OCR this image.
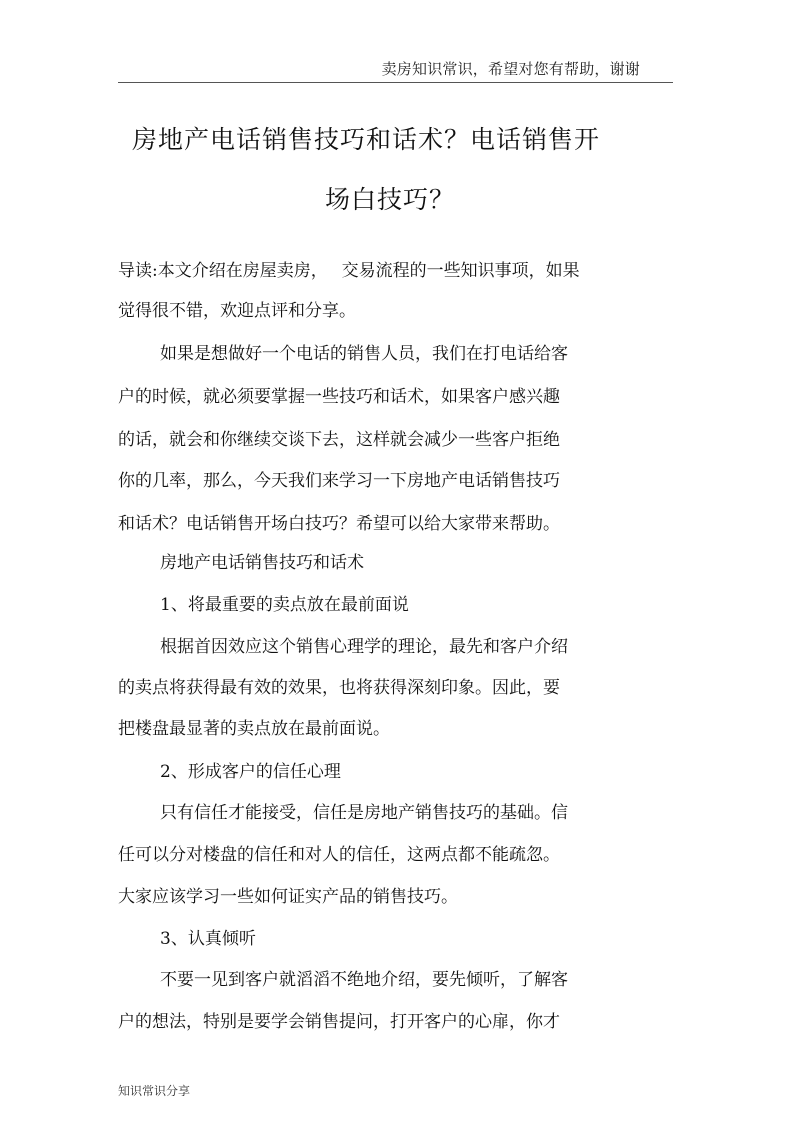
卖房知识常识，希望对您有帮助，谢谢
房地产电话销售技巧和话术？电话销售开
场白技巧？
导读:本文介绍在房屋卖房，　 交易流程的一些知识事项，如果
觉得很不错，欢迎点评和分享。
如果是想做好一个电话的销售人员，我们在打电话给客
户的时候，就必须要掌握一些技巧和话术，如果客户感兴趣
的话，就会和你继续交谈下去，这样就会减少一些客户拒绝
你的几率，那么，今天我们来学习一下房地产电话销售技巧
和话术？电话销售开场白技巧？希望可以给大家带来帮助。
房地产电话销售技巧和话术
1、将最重要的卖点放在最前面说
根据首因效应这个销售心理学的理论，最先和客户介绍
的卖点将获得最有效的效果，也将获得深刻印象。因此，要
把楼盘最显著的卖点放在最前面说。
2、形成客户的信任心理
只有信任才能接受，信任是房地产销售技巧的基础。信
任可以分对楼盘的信任和对人的信任，这两点都不能疏忽。
大家应该学习一些如何证实产品的销售技巧。
3、认真倾听
不要一见到客户就滔滔不绝地介绍，要先倾听，了解客
户的想法，特别是要学会销售提问，打开客户的心扉，你才
知识常识分享
